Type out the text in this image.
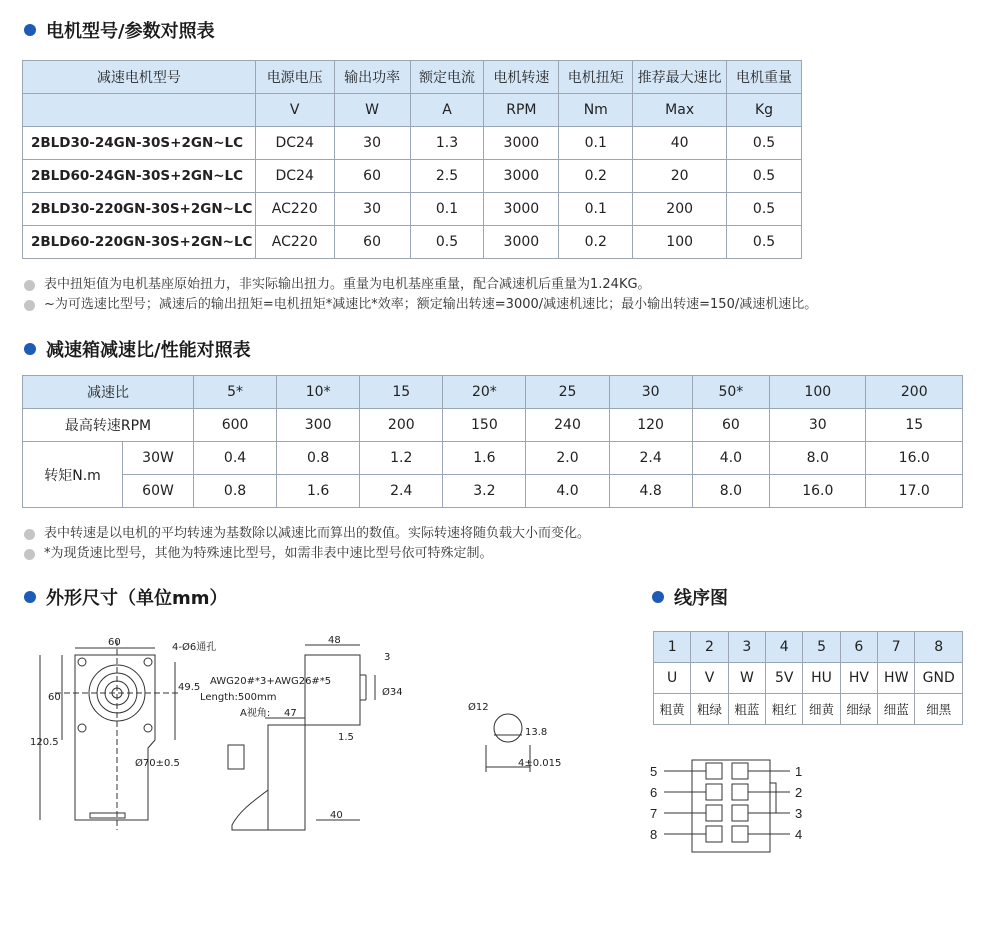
电机型号/参数对照表
减速电机型号	电源电压	输出功率	额定电流	电机转速	电机扭矩	推荐最大速比	电机重量
	V	W	A	RPM	Nm	Max	Kg
2BLD30-24GN-30S+2GN~LC	DC24	30	1.3	3000	0.1	40	0.5
2BLD60-24GN-30S+2GN~LC	DC24	60	2.5	3000	0.2	20	0.5
2BLD30-220GN-30S+2GN~LC	AC220	30	0.1	3000	0.1	200	0.5
2BLD60-220GN-30S+2GN~LC	AC220	60	0.5	3000	0.2	100	0.5
表中扭矩值为电机基座原始扭力，非实际输出扭力。重量为电机基座重量，配合减速机后重量为1.24KG。
~为可选速比型号；减速后的输出扭矩=电机扭矩*减速比*效率；额定输出转速=3000/减速机速比；最小输出转速=150/减速机速比。
减速箱减速比/性能对照表
减速比		5*	10*	15	20*	25	30	50*	100	200
最高转速RPM		600	300	200	150	240	120	60	30	15
转矩N.m	30W	0.4	0.8	1.2	1.6	2.0	2.4	4.0	8.0	16.0
	60W	0.8	1.6	2.4	3.2	4.0	4.8	8.0	16.0	17.0
表中转速是以电机的平均转速为基数除以减速比而算出的数值。实际转速将随负载大小而变化。
*为现货速比型号，其他为特殊速比型号，如需非表中速比型号依可特殊定制。
外形尺寸（单位mm）	线序图
60	4-Ø6通孔
60
120.5
49.5
Ø70±0.5
48
3
Ø34
47
1.5
40
AWG20#*3+AWG26#*5
Length:500mm
A视角:
Ø12
13.8
4±0.015
1	2	3	4	5	6	7	8
U	V	W	5V	HU	HV	HW	GND
粗黄	粗绿	粗蓝	粗红	细黄	细绿	细蓝	细黑
5
6
7
8
1
2
3
4
